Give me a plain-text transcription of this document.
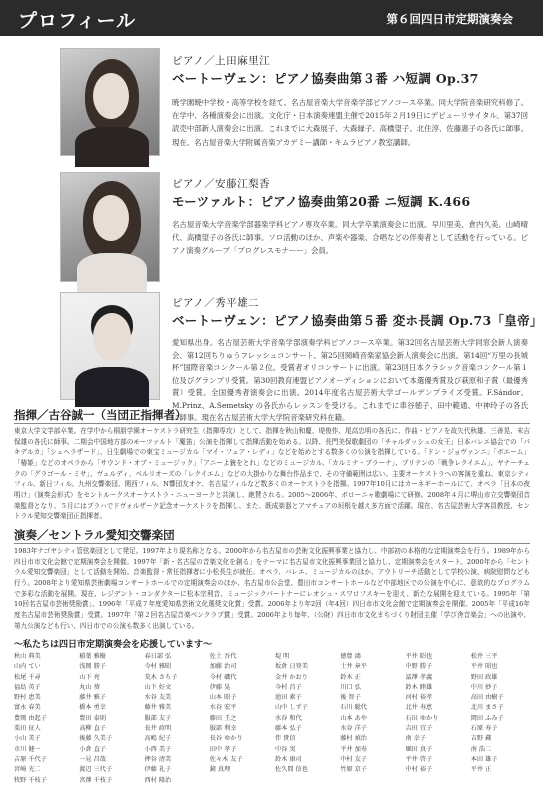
プロフィール	第６回四日市定期演奏会
ピアノ／上田麻里江
ベートーヴェン：ピアノ協奏曲第３番 ハ短調 Op.37
暁学園暁中学校・高等学校を経て、名古屋音楽大学音楽学部ピアノコース卒業。同大学院音楽研究科修了。在学中、各種演奏会に出演。文化庁・日本演奏連盟主催で2015年２月19日にデビューリサイタル、第37回読売中部新人演奏会に出演。これまでに大森展子、大森縁子、高橋望子、北住淳、佐藤惠子の各氏に師事。現在、名古屋音楽大学附属音楽アカデミー講師・キムラピアノ教室講師。
ピアノ／安藤江梨香
モーツァルト：ピアノ協奏曲第20番 ニ短調 K.466
名古屋音楽大学音楽学部器楽学科ピアノ専攻卒業。同大学卒業演奏会に出演。早川里美、倉内久美、山崎晴代、高橋望子の各氏に師事。ソロ活動のほか、声楽や器楽、合唱などの伴奏者として活動を行っている。ピアノ演奏グループ「プログレスモナーー」会員。
ピアノ／秀平雄二
ベートーヴェン：ピアノ協奏曲第５番 変ホ長調 Op.73「皇帝」
愛知県出身。名古屋芸術大学音楽学部演奏学科ピアノコース卒業。第32回名古屋芸術大学同窓会新人演奏会、第12回ちりゅうフレッシュコンサート、第25回岡崎音楽家協会新人演奏会に出演。第14回“万里の長城杯”国際音楽コンクール第２位。受賞者オリコンサートに出演。第23回日本クラシック音楽コンクール第１位及びグランプリ受賞。第30回教育連盟ピアノオーディションにおいて本選優秀賞及び萩原和子賞（最優秀賞）受賞。全国優秀者演奏会に出演。2014年度名古屋芸術大学ゴールデンプライズ受賞。F.Sándor、M.Prinz、A.Semetsky の各氏からレッスンを受ける。これまでに車谷徳子、田中範通、中神玲子の各氏に師事。現在名古屋芸術大学大学院音楽研究科在籍。
指揮／古谷誠一（当団正指揮者）
東京大学文学部卒業。在学中から桐朋学園オーケストラ研究生（指揮専攻）として、指揮を秋山和慶、堤俊作、尾高忠明の各氏に、作曲・ピアノを故矢代秋雄、三善晃、末吉保雄の各氏に師事。二期会中国地方部のモーツァルト「魔笛」公演を指揮して指揮活動を始める。以降、長門美保歌劇団の「チャルダッシュの女王」日本バレエ協会での「パキデルカ」「シェヘラザード」、日生劇場での東宝ミュージカル「マイ・フェア・レディ」などを始めとする数多くの公演を指揮している。「ドン・ジョヴァンニ」「ボエーム」「椿姫」などのオペラから「サウンド・オブ・ミュージック」「アニーよ銃をとれ」などのミュージカル、「カルミナ・ブラーナ」、ブリテンの「戦争レクイエム」、ヤナーチェクの「グラゴール・ミサ」、ヴェルディ、ベルリオーズの「レクイエム」などの大掛かりな舞台作品まで、その守備範囲は広い。主要オーケストラへの客演を重ね、東京シティフィル、新日フィル、九州交響楽団、関西フィル、N響団友オケ、名古屋フィルなど数多くのオーケストラを指揮。1997年10月にはカーネギーホールにて、オペラ「日本の夜明け」（演奏会形式）をセントルークスオーケストラ・ニューヨークと共演し、絶賛される。2005～2006年、ボローニャ歌劇場にて研修。2008年４月に堺山市立交響楽団音楽監督となり、５月にはプラハでドヴォルザーク記念オーケストラを指揮し、また、既成楽器とアマチュアの垣根を越え多方面で活躍。現在、名古屋芸術大学客員教授、セントラル愛知交響楽団正指揮者。
演奏／セントラル愛知交響楽団
1983年ナゴヤシティ管弦楽団として発足。1997年より現名称となる。2000年から名古屋市の芸術文化振興事業と協力し、中部初の本格的な定期演奏会を行う。1989年から四日市市文化会館で定期演奏会を開催。1997年「新・名古屋の音楽文化を創る」をテーマに名古屋市文化振興事業団と協力し、定期演奏会をスタート。2000年から「セントラル愛知交響楽団」として活動を開始。音楽監督・常任指揮者に小松長生が就任。オペラ、バレエ、ミュージカルのほか、アウトリーチ活動として学校公演、病院慰問なども行う。2008年より愛知県芸術劇場コンサートホールでの定期演奏会のほか、名古屋市公会堂、豊田市コンサートホールなど中部地区での公演を中心に、意欲的なプログラムで多彩な活動を展開。現在、レジデント・コンダクターに松本宗利音、ミュージックパートナーにレオシュ・スワロフスキーを迎え、新たな展開を迎えている。1995年「第10回名古屋市芸術奨励賞」、1996年「平成７年度愛知県芸術文化選奨文化賞」受賞。2006年より年2回（年4回）四日市市文化会館で定期演奏会を開催。2005年「平成16年度名古屋市芸術奨励賞」受賞。1997年「第２回名古屋音楽ペンクラブ賞」受賞。2006年より毎年、（公財）四日市市文化まちづくり財団主催「学び舎音楽会」への出演や、第九公演なども行い、四日市での公演も数多く出演している。
～私たちは四日市定期演奏会を応援しています～
秋山 典美	稲葉 雅樹	春日部 弘	佐土 吾代	堤 明	徳豊 鴻	平井 昭也	松井 三平
山内 てい	浅岡 勝子	今村 雅昭	加藤 治司	坂倉 日登美	土井 章平	中野 勝子	平井 昭也
松尾 千尋	山下 亮	荒木 さち子	今村 磯代	金井 かおり	鈴木 正	冨澤 孝義	野田 政雄
福島 英子	丸山 葵	山下 好文	伊藤 晃	今村 昌子	川口 弘	鈴木 睦雄	中川 妙子
野村 恵美	藤井 雅子	水谷 友美	山本 昭子	池田 素子	後 智子	河村 裕孝	高田 由樹子
富永 春美	橋本 勇幸	藤井 雅美	水谷 宏平	山中 しず子	石川 聡代	北井 寿恵	北川 まさ子
豊岡 由起子	豊田 泰則	服部 友子	藤田 壬之	水谷 和代	山本 あや	石田 ゆかり	岡田 ふみ子
栗田 征人	高柳 直子	長井 政明	服部 利幸	藤本 弘子	水谷 洋子	吉田 宜子	石原 寿子
小山 美子	後藤 久美子	高嶋 紀子	長谷 ゆかり	伴 貴信	藤村 禎治	南 幸子	吉野 蔵
市川 健一	小倉 直子	小西 美子	田中 孝子	中谷 実	平井 加寿	堀田 真子	南 浩二
吉原 千代子	一見 昌哉	押谷 清美	佐々木 友子	鈴木 康司	中村 友子	平井 啓子	本田 雄子
宮崎 光二	渡辺 三代子	伊藤 礼子	鐘 真理	佐久間 信也	竹原 京子	中村 裕子	平井 正
牧野 千枝子	宮澤 千枝子	西村 隆治
